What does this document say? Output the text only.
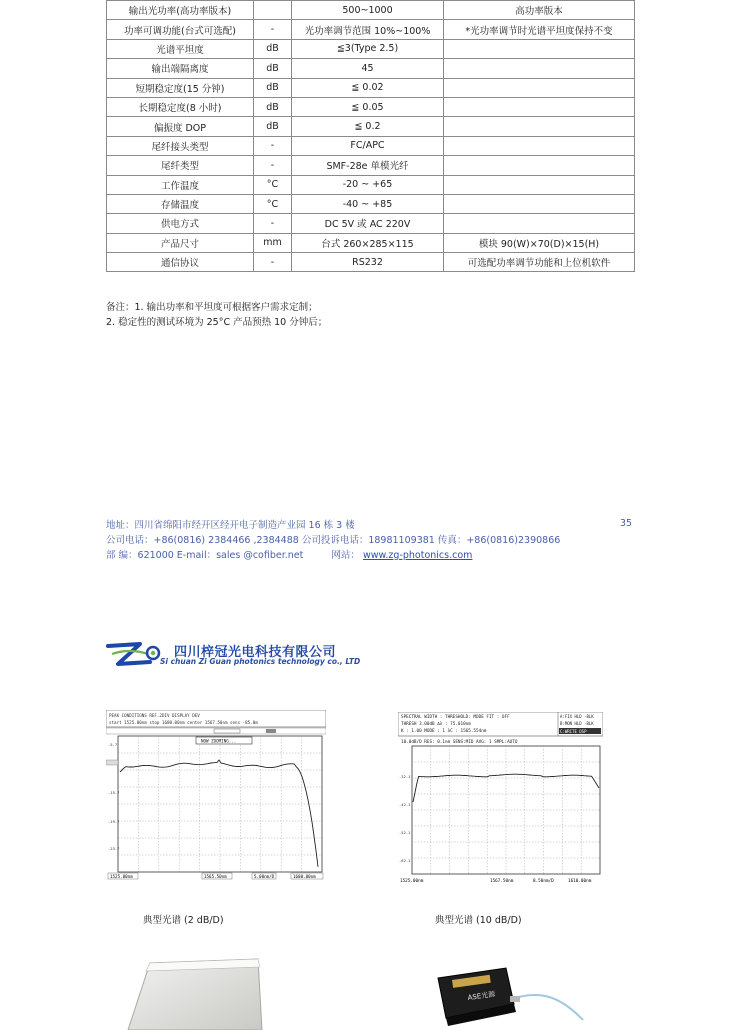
输出光功率(高功率版本)		500~1000	高功率版本
功率可调功能(台式可选配)	-	光功率调节范围 10%~100%	*光功率调节时光谱平坦度保持不变
光谱平坦度	dB	≦3(Type 2.5)	
输出端隔离度	dB	45	
短期稳定度(15 分钟)	dB	≦ 0.02	
长期稳定度(8 小时)	dB	≦ 0.05	
偏振度 DOP	dB	≦ 0.2	
尾纤接头类型	-	FC/APC	
尾纤类型	-	SMF-28e 单模光纤	
工作温度	°C	-20 ~ +65	
存储温度	°C	-40 ~ +85	
供电方式	-	DC 5V 或 AC 220V	
产品尺寸	mm	台式 260×285×115	模块 90(W)×70(D)×15(H)
通信协议	-	RS232	可选配功率调节功能和上位机软件
备注：1. 输出功率和平坦度可根据客户需求定制；
2. 稳定性的测试环境为 25°C 产品预热 10 分钟后；
地址：四川省绵阳市经开区经开电子制造产业园 16 栋 3 楼
公司电话：+86(0816) 2384466 ,2384488 公司投诉电话：18981109381 传真：+86(0816)2390866
部 编：621000 E-mail：sales @cofiber.net	网站： www.zg-photonics.com
35
ZG
四川梓冠光电科技有限公司
Si chuan Zi Guan photonics technology co., LTD
PEAK CONDITIONS REF.2DIV DISPLAY DEV
start 1525.00nm stop 1600.00nm center 1567.50nm sens -85.0m
NOW ZOOMING...
-5.7
-15.7
-19.7
-23.7
1525.00nm	1565.50nm	5.00nm/D	1600.00nm
典型光谱 (2 dB/D)
SPECTRAL WIDTH : THRESHOLD: MODE FIT : OFF
THRESH 3.00dB Δλ : 75.010nm
K : 1.00 MODE : 1 λC : 1565.554nm
A:FIX HLD -BLK
B:MON HLD -BLK
C:WRITE DSP
10.0dB/D RES: 0.1nm SENS:MID AVG: 1 SMPL:AUTO
-32.1
-42.1
-52.1
-62.1
1525.00nm	1567.50nm	8.50nm/D	1610.00nm
典型光谱 (10 dB/D)
ASE光源
